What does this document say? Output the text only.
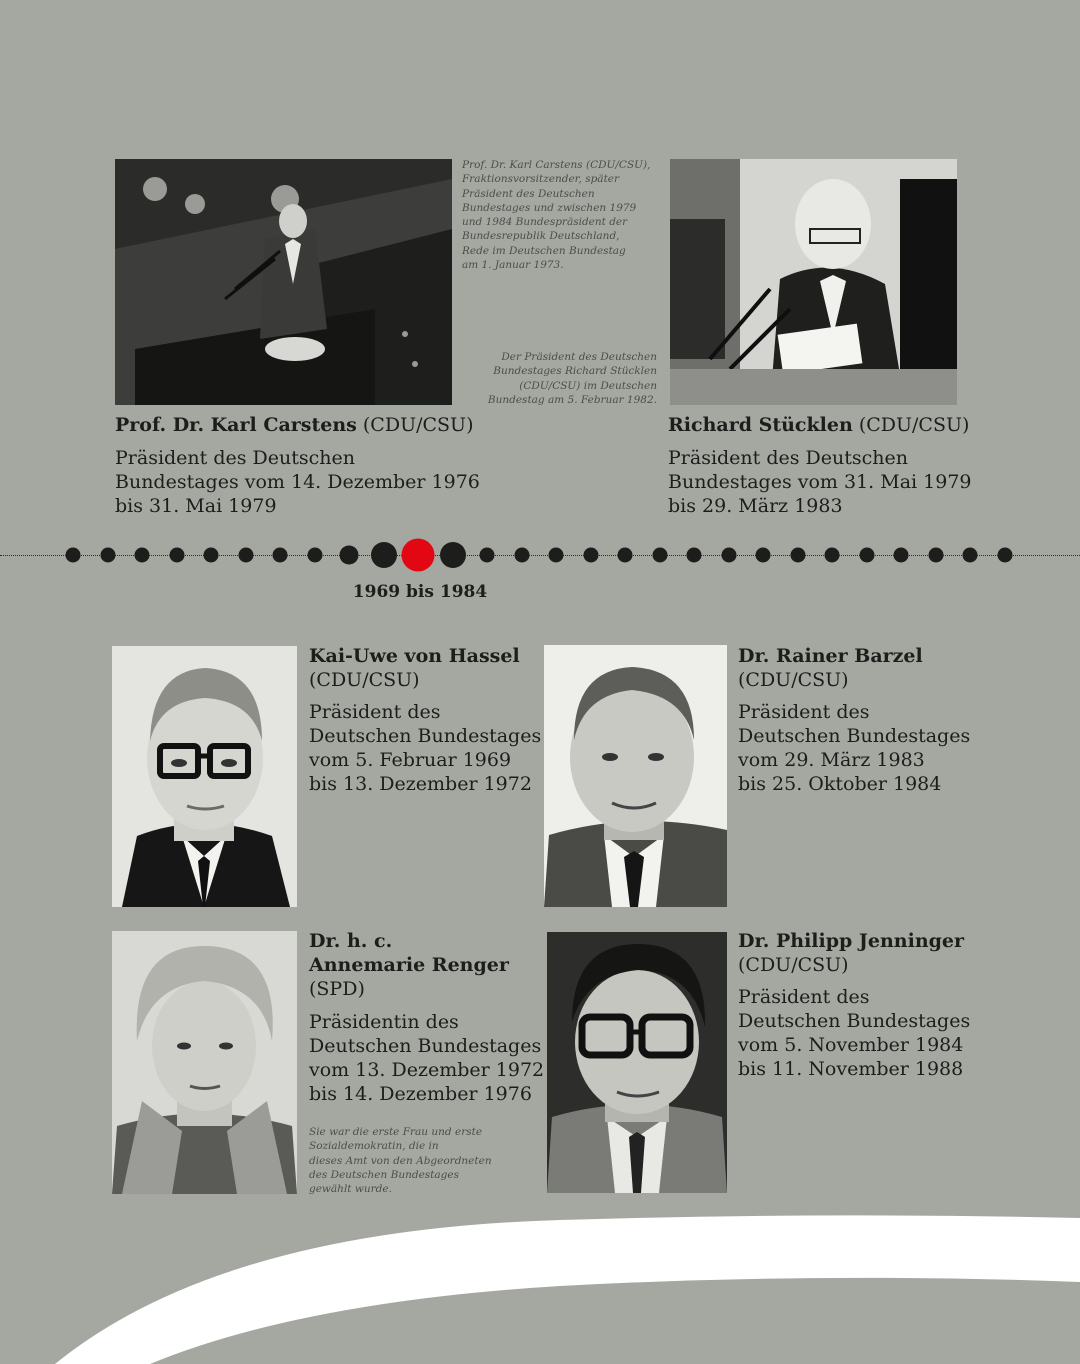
Prof. Dr. Karl Carstens (CDU/CSU),
Fraktionsvorsitzender, später
Präsident des Deutschen
Bundestages und zwischen 1979
und 1984 Bundespräsident der
Bundesrepublik Deutschland,
Rede im Deutschen Bundestag
am 1. Januar 1973.
Der Präsident des Deutschen
Bundestages Richard Stücklen
(CDU/CSU) im Deutschen
Bundestag am 5. Februar 1982.
Prof. Dr. Karl Carstens (CDU/CSU)
Präsident des Deutschen
Bundestages vom 14. Dezember 1976
bis 31. Mai 1979
Richard Stücklen (CDU/CSU)
Präsident des Deutschen
Bundestages vom 31. Mai 1979
bis 29. März 1983
1969 bis 1984
Kai-Uwe von Hassel
(CDU/CSU)
Präsident des
Deutschen Bundestages
vom 5. Februar 1969
bis 13. Dezember 1972
Dr. Rainer Barzel
(CDU/CSU)
Präsident des
Deutschen Bundestages
vom 29. März 1983
bis 25. Oktober 1984
Dr. h. c.
Annemarie Renger
(SPD)
Präsidentin des
Deutschen Bundestages
vom 13. Dezember 1972
bis 14. Dezember 1976
Sie war die erste Frau und erste
Sozialdemokratin, die in
dieses Amt von den Abgeordneten
des Deutschen Bundestages
gewählt wurde.
Dr. Philipp Jenninger
(CDU/CSU)
Präsident des
Deutschen Bundestages
vom 5. November 1984
bis 11. November 1988
